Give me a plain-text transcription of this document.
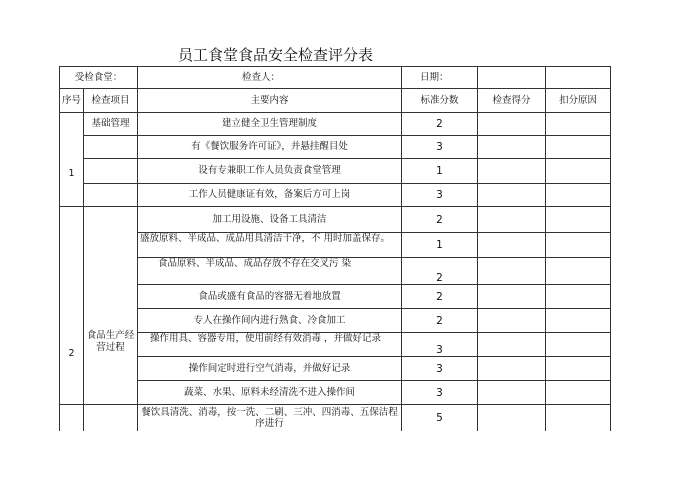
员工食堂食品安全检查评分表
受检食堂：		检查人：	日期：		
序号	检查项目	主要内容	标准分数	检查得分	扣分原因
1	基础管理	建立健全卫生管理制度	2		
		有《餐饮服务许可证》，并悬挂醒目处	3		
		设有专兼职工作人员负责食堂管理	1		
		工作人员健康证有效，备案后方可上岗	3		
2	食品生产经营过程	加工用设施、设备工具清洁	2		
		盛放原料、半成品、成品用具清洁干净，不 用时加盖保存。	1		
		食品原料、半成品、成品存放不存在交叉污 染	2		
		食品或盛有食品的容器无着地放置	2		
		专人在操作间内进行熟食、冷食加工	2		
		操作用具、容器专用，使用前经有效消毒 ，并做好记录	3		
		操作间定时进行空气消毒，并做好记录	3		
		蔬菜、水果、原料未经清洗不进入操作间	3		
		餐饮具清洗、消毒，按一洗、二刷、三冲、四消毒、五保洁程序进行	5		
